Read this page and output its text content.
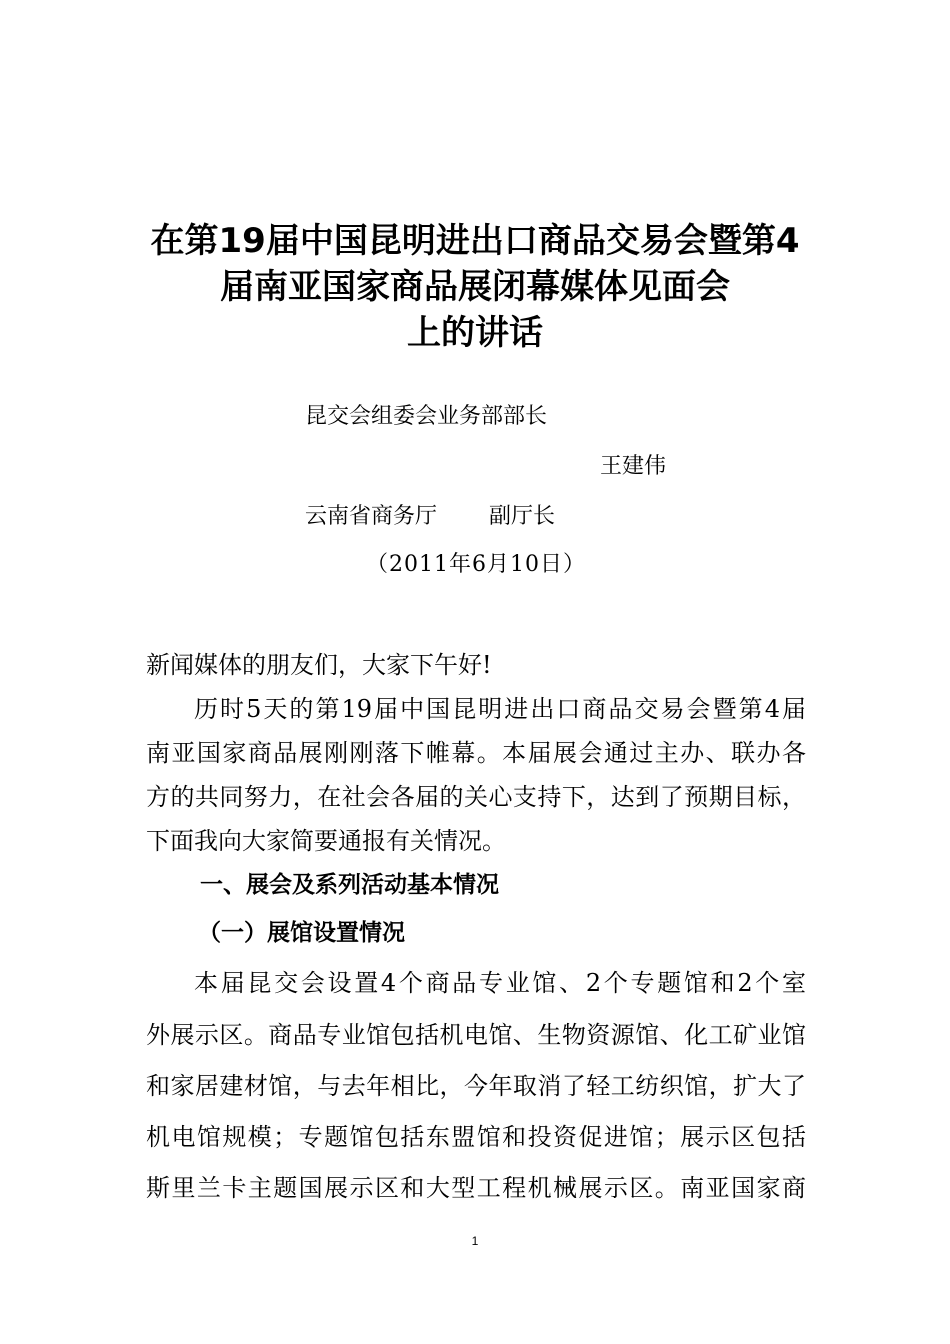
在第19届中国昆明进出口商品交易会暨第4
届南亚国家商品展闭幕媒体见面会
上的讲话
昆交会组委会业务部部长
王建伟
云南省商务厅 副厅长
（2011年6月10日）
新闻媒体的朋友们，大家下午好!
历时5天的第19届中国昆明进出口商品交易会暨第4届
南亚国家商品展刚刚落下帷幕。本届展会通过主办、联办各
方的共同努力，在社会各届的关心支持下，达到了预期目标，
下面我向大家简要通报有关情况。
一、展会及系列活动基本情况
（一）展馆设置情况
本届昆交会设置4个商品专业馆、2个专题馆和2个室
外展示区。商品专业馆包括机电馆、生物资源馆、化工矿业馆
和家居建材馆，与去年相比，今年取消了轻工纺织馆，扩大了
机电馆规模；专题馆包括东盟馆和投资促进馆；展示区包括
斯里兰卡主题国展示区和大型工程机械展示区。南亚国家商
1
